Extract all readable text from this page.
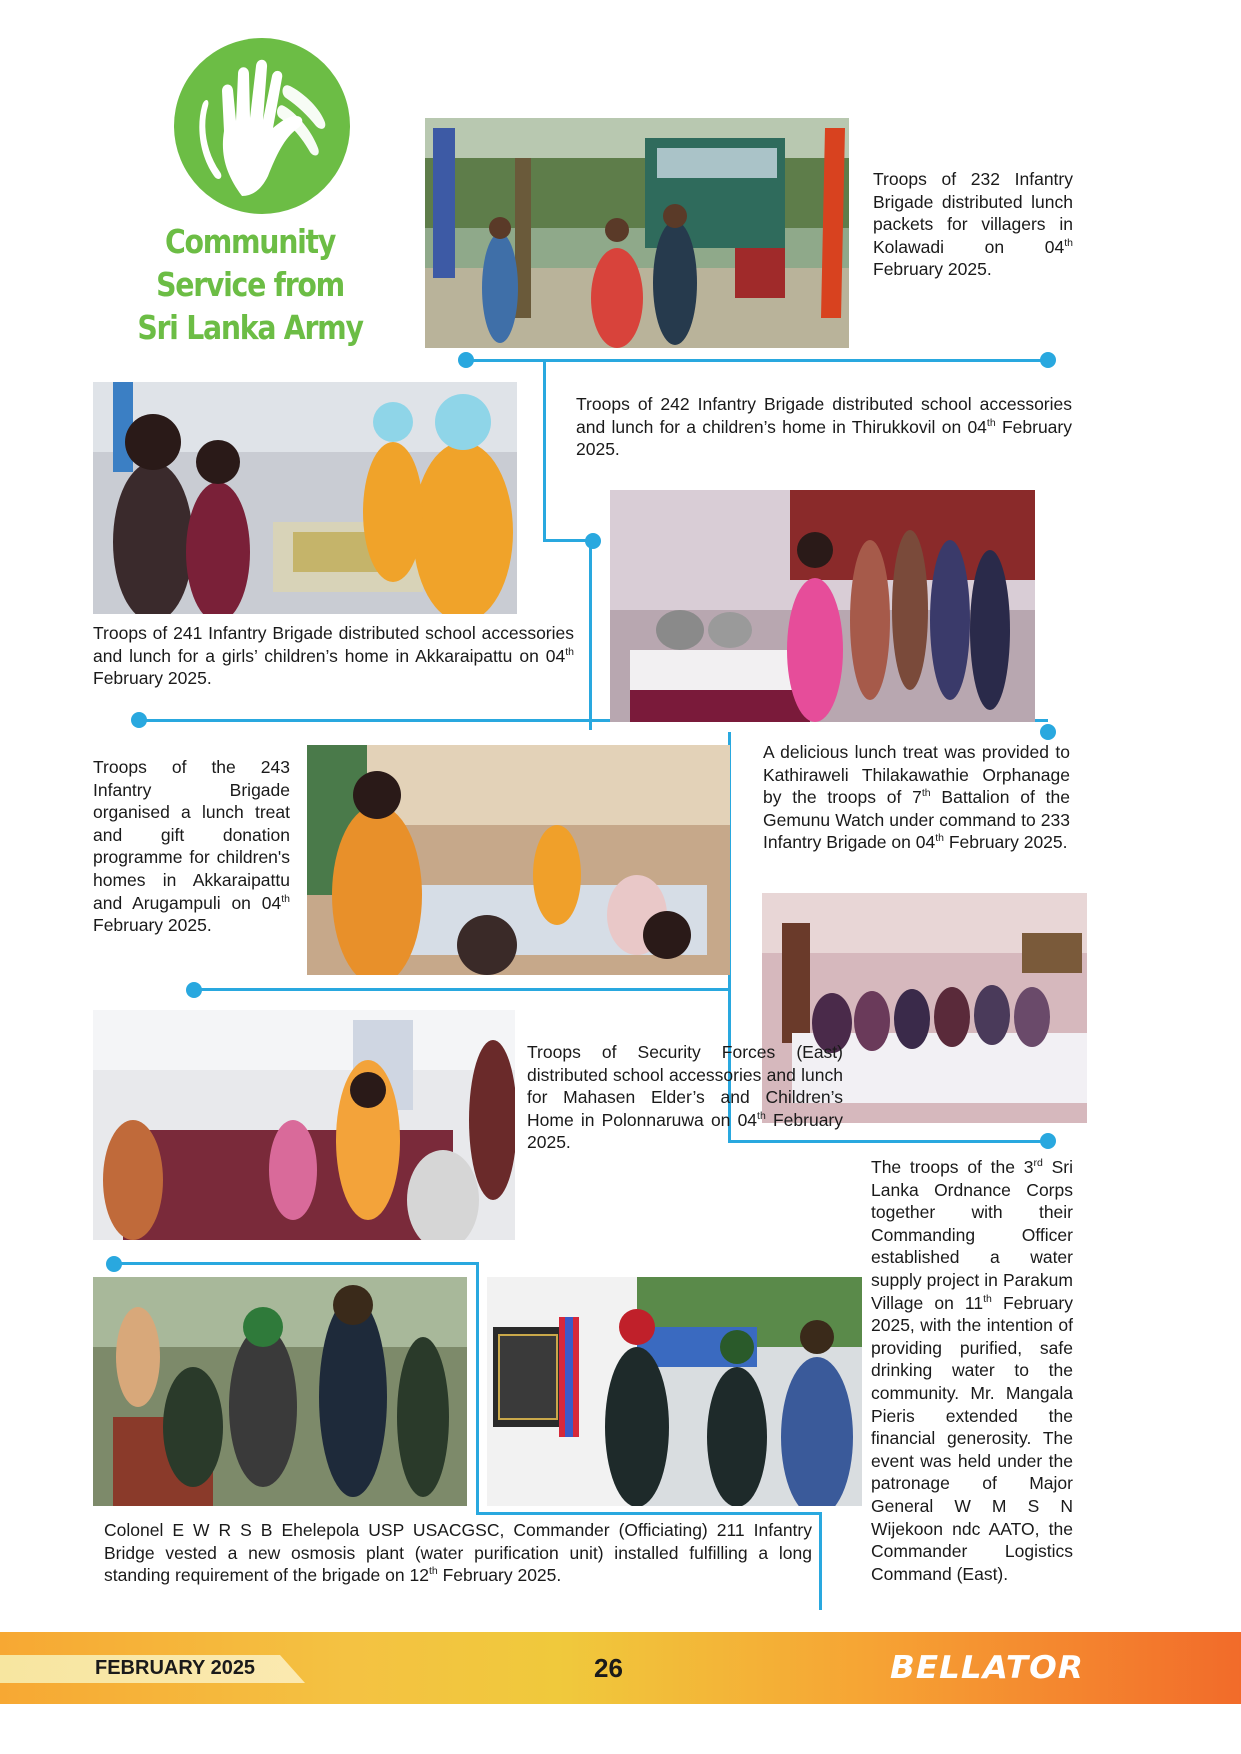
Community
Service from
Sri Lanka Army
Troops of 232 Infantry Brigade distributed lunch packets for villagers in Kolawadi on 04th February 2025.
Troops of 242 Infantry Brigade distributed school accessories and lunch for a children’s home in Thirukkovil on 04th February 2025.
Troops of 241 Infantry Brigade distributed school accessories and lunch for a girls’ children’s home in Akkaraipattu on 04th February 2025.
A delicious lunch treat was provided to Kathiraweli Thilakawathie Orphanage by the troops of 7th Battalion of the Gemunu Watch under command to 233 Infantry Brigade on 04th February 2025.
Troops of the 243 Infantry Brigade organised a lunch treat and gift donation programme for children's homes in Akkaraipattu and Arugampuli on 04th February 2025.
Troops of Security Forces (East) distributed school accessories and lunch for Mahasen Elder’s and Children’s Home in Polonnaruwa on 04th February 2025.
The troops of the 3rd Sri Lanka Ordnance Corps together with their Commanding Officer established a water supply project in Parakum Village on 11th February 2025, with the intention of providing purified, safe drinking water to the community. Mr. Mangala Pieris extended the financial generosity. The event was held under the patronage of Major General W M S N Wijekoon ndc AATO, the Commander Logistics Command (East).
Colonel E W R S B Ehelepola USP USACGSC, Commander (Officiating) 211 Infantry Bridge vested a new osmosis plant (water purification unit) installed fulfilling a long standing requirement of the brigade on 12th February 2025.
FEBRUARY 2025	26	BELLATOR
